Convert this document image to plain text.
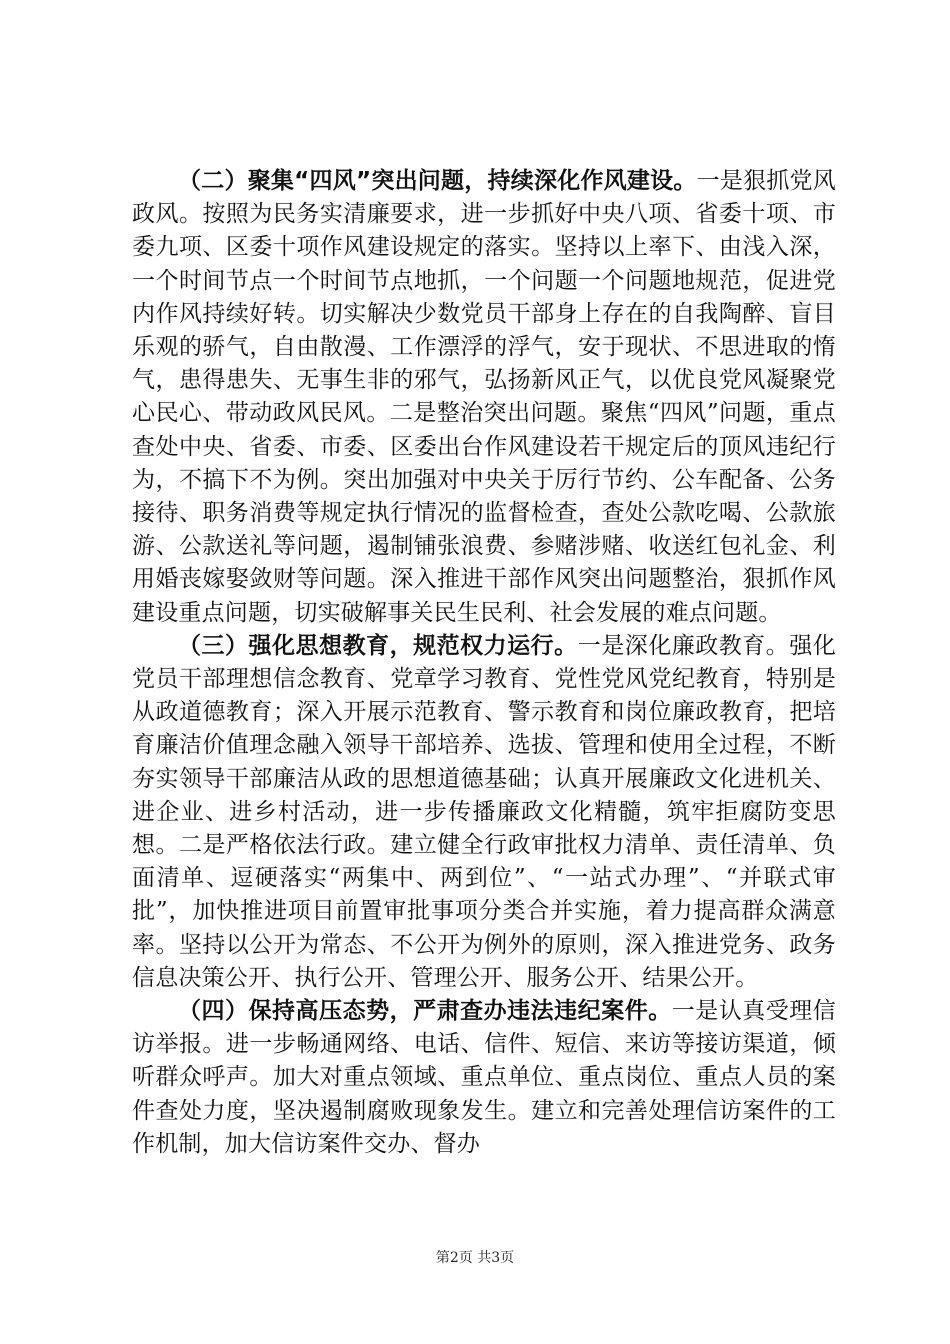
（二）聚集“四风”突出问题，持续深化作风建设。一是狠抓党风政风。按照为民务实清廉要求，进一步抓好中央八项、省委十项、市委九项、区委十项作风建设规定的落实。坚持以上率下、由浅入深，一个时间节点一个时间节点地抓，一个问题一个问题地规范，促进党内作风持续好转。切实解决少数党员干部身上存在的自我陶醉、盲目乐观的骄气，自由散漫、工作漂浮的浮气，安于现状、不思进取的惰气，患得患失、无事生非的邪气，弘扬新风正气，以优良党风凝聚党心民心、带动政风民风。二是整治突出问题。聚焦“四风”问题，重点查处中央、省委、市委、区委出台作风建设若干规定后的顶风违纪行为，不搞下不为例。突出加强对中央关于厉行节约、公车配备、公务接待、职务消费等规定执行情况的监督检查，查处公款吃喝、公款旅游、公款送礼等问题，遏制铺张浪费、参赌涉赌、收送红包礼金、利用婚丧嫁娶敛财等问题。深入推进干部作风突出问题整治，狠抓作风建设重点问题，切实破解事关民生民利、社会发展的难点问题。

（三）强化思想教育，规范权力运行。一是深化廉政教育。强化党员干部理想信念教育、党章学习教育、党性党风党纪教育，特别是从政道德教育；深入开展示范教育、警示教育和岗位廉政教育，把培育廉洁价值理念融入领导干部培养、选拔、管理和使用全过程，不断夯实领导干部廉洁从政的思想道德基础；认真开展廉政文化进机关、进企业、进乡村活动，进一步传播廉政文化精髓，筑牢拒腐防变思想。二是严格依法行政。建立健全行政审批权力清单、责任清单、负面清单、逗硬落实“两集中、两到位”、“一站式办理”、“并联式审批”，加快推进项目前置审批事项分类合并实施，着力提高群众满意率。坚持以公开为常态、不公开为例外的原则，深入推进党务、政务信息决策公开、执行公开、管理公开、服务公开、结果公开。

（四）保持高压态势，严肃查办违法违纪案件。一是认真受理信访举报。进一步畅通网络、电话、信件、短信、来访等接访渠道，倾听群众呼声。加大对重点领域、重点单位、重点岗位、重点人员的案件查处力度，坚决遏制腐败现象发生。建立和完善处理信访案件的工作机制，加大信访案件交办、督办

第2页 共3页
